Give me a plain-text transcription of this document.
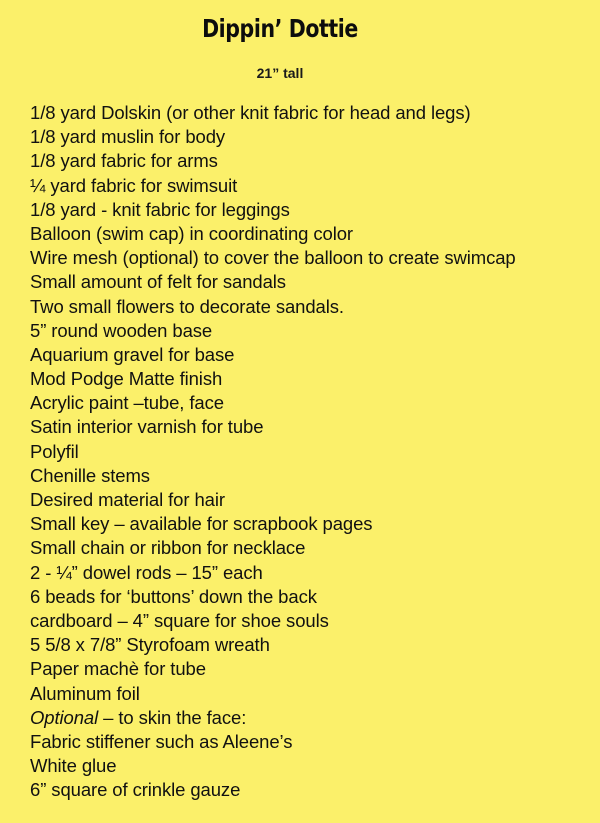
Dippin’ Dottie
21” tall
1/8 yard Dolskin (or other knit fabric for head and legs)
1/8 yard muslin for body
1/8 yard fabric for arms
¼ yard fabric for swimsuit
1/8 yard - knit fabric for leggings
Balloon (swim cap) in coordinating color
Wire mesh (optional) to cover the balloon to create swimcap
Small amount of felt for sandals
Two small flowers to decorate sandals.
5” round wooden base
Aquarium gravel for base
Mod Podge Matte finish
Acrylic paint –tube, face
Satin interior varnish for tube
Polyfil
Chenille stems
Desired material for hair
Small key – available for scrapbook pages
Small chain or ribbon for necklace
2 - ¼” dowel rods – 15” each
6 beads for ‘buttons’ down the back
cardboard – 4” square for shoe souls
5 5/8 x 7/8” Styrofoam wreath
Paper machè for tube
Aluminum foil
Optional – to skin the face:
Fabric stiffener such as Aleene’s
White glue
6” square of crinkle gauze
